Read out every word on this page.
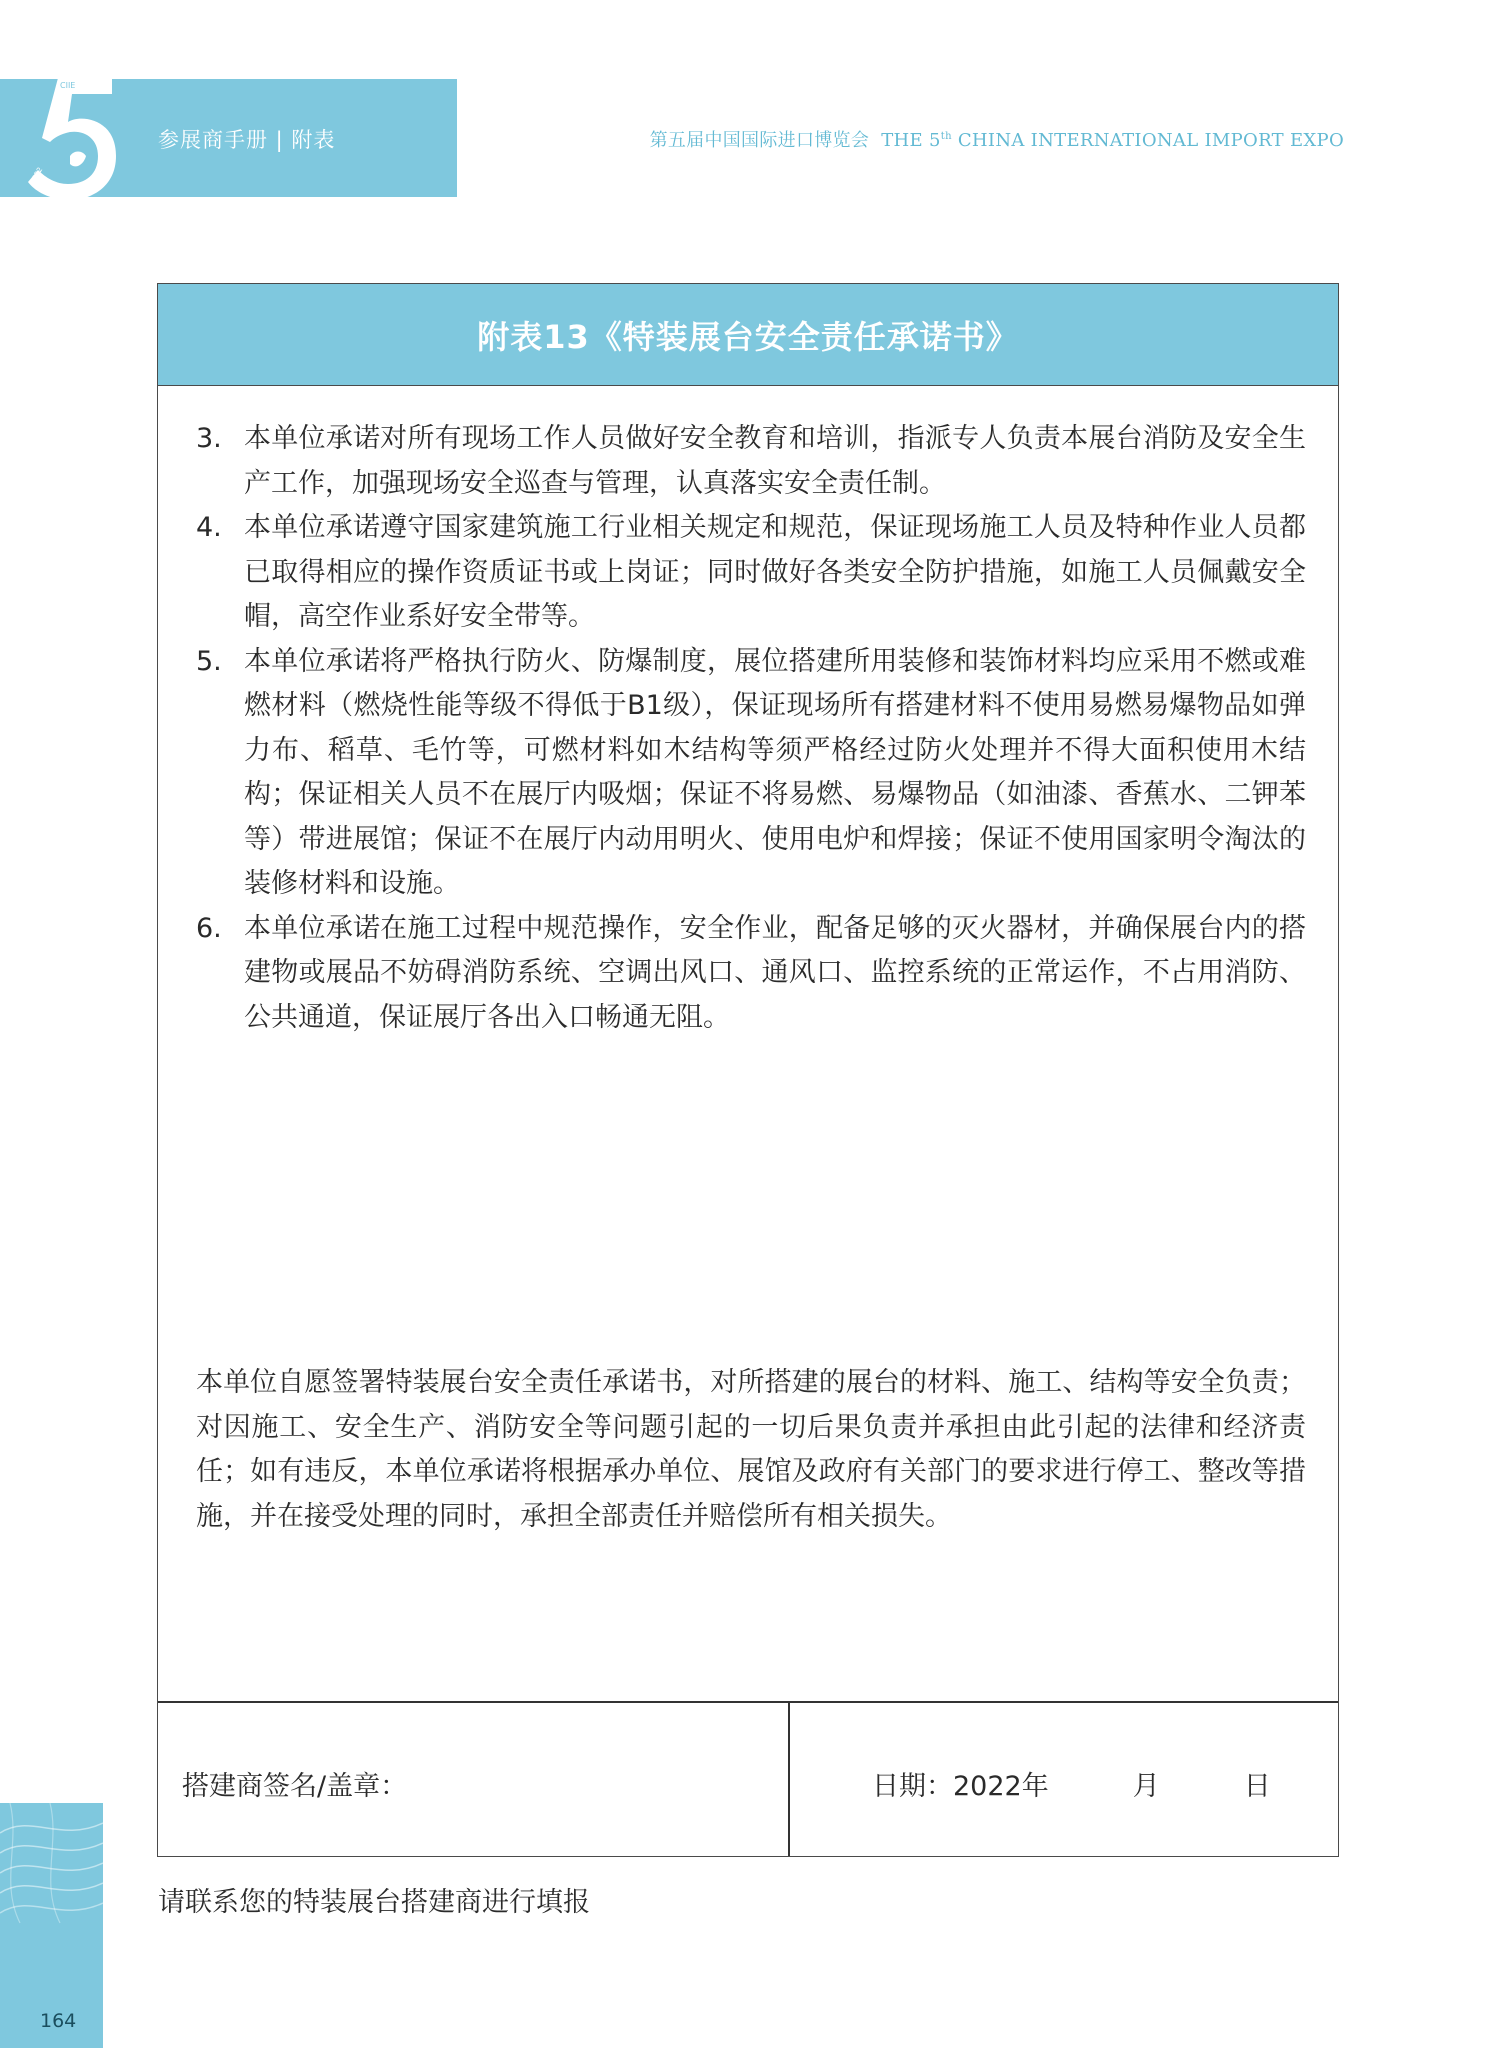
CIIE
2022	2022
参展商手册 | 附表	第五届中国国际进口博览会 THE 5th CHINA INTERNATIONAL IMPORT EXPO
附表13《特装展台安全责任承诺书》
3. 本单位承诺对所有现场工作人员做好安全教育和培训，指派专人负责本展台消防及安全生产工作，加强现场安全巡查与管理，认真落实安全责任制。
4. 本单位承诺遵守国家建筑施工行业相关规定和规范，保证现场施工人员及特种作业人员都已取得相应的操作资质证书或上岗证；同时做好各类安全防护措施，如施工人员佩戴安全帽，高空作业系好安全带等。
5. 本单位承诺将严格执行防火、防爆制度，展位搭建所用装修和装饰材料均应采用不燃或难燃材料（燃烧性能等级不得低于B1级），保证现场所有搭建材料不使用易燃易爆物品如弹力布、稻草、毛竹等，可燃材料如木结构等须严格经过防火处理并不得大面积使用木结构；保证相关人员不在展厅内吸烟；保证不将易燃、易爆物品（如油漆、香蕉水、二钾苯等）带进展馆；保证不在展厅内动用明火、使用电炉和焊接；保证不使用国家明令淘汰的装修材料和设施。
6. 本单位承诺在施工过程中规范操作，安全作业，配备足够的灭火器材，并确保展台内的搭建物或展品不妨碍消防系统、空调出风口、通风口、监控系统的正常运作，不占用消防、公共通道，保证展厅各出入口畅通无阻。
本单位自愿签署特装展台安全责任承诺书，对所搭建的展台的材料、施工、结构等安全负责；对因施工、安全生产、消防安全等问题引起的一切后果负责并承担由此引起的法律和经济责任；如有违反，本单位承诺将根据承办单位、展馆及政府有关部门的要求进行停工、整改等措施，并在接受处理的同时，承担全部责任并赔偿所有相关损失。
搭建商签名/盖章：	日期：2022年	月	日
请联系您的特装展台搭建商进行填报
164
